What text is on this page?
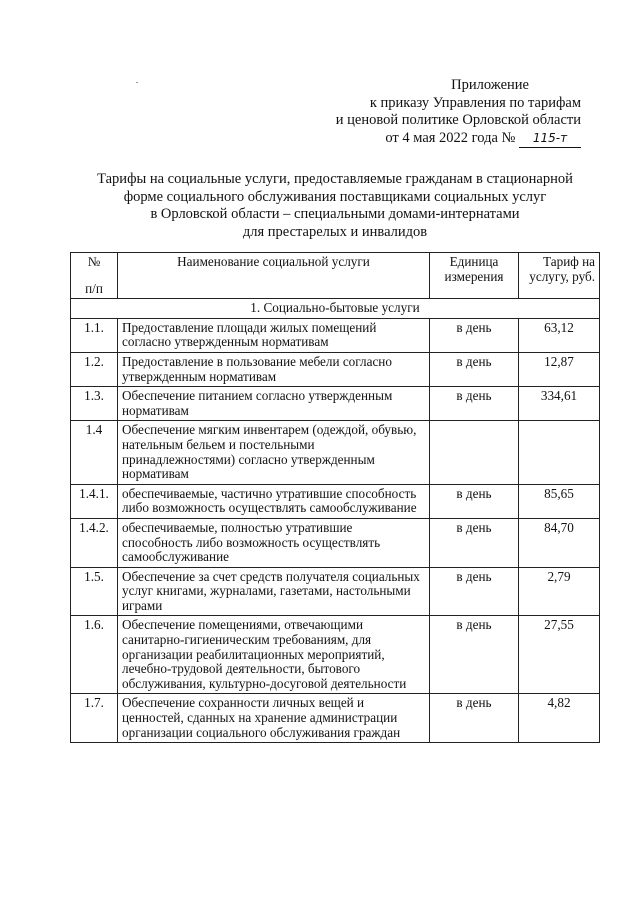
Приложение
к приказу Управления по тарифам
и ценовой политике Орловской области
от 4 мая 2022 года № 115-т
Тарифы на социальные услуги, предоставляемые гражданам в стационарной
форме социального обслуживания поставщиками социальных услуг
в Орловской области – специальными домами-интернатами
для престарелых и инвалидов
№
п/п	Наименование социальной услуги	Единица измерения	Тариф на услугу, руб.
1. Социально-бытовые услуги			
1.1.	Предоставление площади жилых помещений согласно утвержденным нормативам	в день	63,12
1.2.	Предоставление в пользование мебели согласно утвержденным нормативам	в день	12,87
1.3.	Обеспечение питанием согласно утвержденным нормативам	в день	334,61
1.4	Обеспечение мягким инвентарем (одеждой, обувью, нательным бельем и постельными принадлежностями) согласно утвержденным нормативам		
1.4.1.	обеспечиваемые, частично утратившие способность либо возможность осуществлять самообслуживание	в день	85,65
1.4.2.	обеспечиваемые, полностью утратившие способность либо возможность осуществлять самообслуживание	в день	84,70
1.5.	Обеспечение за счет средств получателя социальных услуг книгами, журналами, газетами, настольными играми	в день	2,79
1.6.	Обеспечение помещениями, отвечающими санитарно-гигиеническим требованиям, для организации реабилитационных мероприятий, лечебно-трудовой деятельности, бытового обслуживания, культурно-досуговой деятельности	в день	27,55
1.7.	Обеспечение сохранности личных вещей и ценностей, сданных на хранение администрации организации социального обслуживания граждан	в день	4,82
